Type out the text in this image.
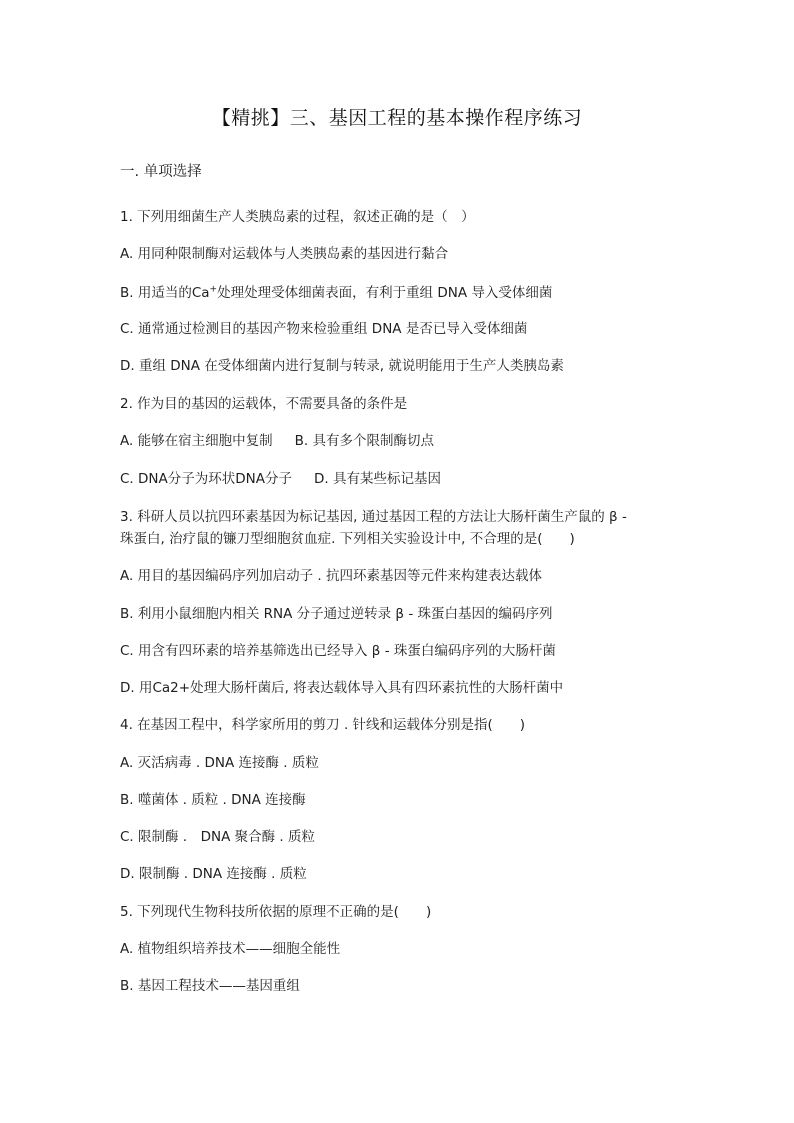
【精挑】三、基因工程的基本操作程序练习
一. 单项选择
1. 下列用细菌生产人类胰岛素的过程，叙述正确的是（　）
A. 用同种限制酶对运载体与人类胰岛素的基因进行黏合
B. 用适当的Ca+处理处理受体细菌表面，有利于重组 DNA 导入受体细菌
C. 通常通过检测目的基因产物来检验重组 DNA 是否已导入受体细菌
D. 重组 DNA 在受体细菌内进行复制与转录, 就说明能用于生产人类胰岛素
2. 作为目的基因的运载体，不需要具备的条件是
A. 能够在宿主细胞中复制 B. 具有多个限制酶切点
C. DNA分子为环状DNA分子 D. 具有某些标记基因
3. 科研人员以抗四环素基因为标记基因, 通过基因工程的方法让大肠杆菌生产鼠的 β -
珠蛋白, 治疗鼠的镰刀型细胞贫血症. 下列相关实验设计中, 不合理的是(　　)
A. 用目的基因编码序列加启动子 . 抗四环素基因等元件来构建表达载体
B. 利用小鼠细胞内相关 RNA 分子通过逆转录 β - 珠蛋白基因的编码序列
C. 用含有四环素的培养基筛选出已经导入 β - 珠蛋白编码序列的大肠杆菌
D. 用Ca2+处理大肠杆菌后, 将表达载体导入具有四环素抗性的大肠杆菌中
4. 在基因工程中，科学家所用的剪刀 . 针线和运载体分别是指(　　)
A. 灭活病毒 . DNA 连接酶 . 质粒
B. 噬菌体 . 质粒 . DNA 连接酶
C. 限制酶 .　DNA 聚合酶 . 质粒
D. 限制酶 . DNA 连接酶 . 质粒
5. 下列现代生物科技所依据的原理不正确的是(　　)
A. 植物组织培养技术——细胞全能性
B. 基因工程技术——基因重组
